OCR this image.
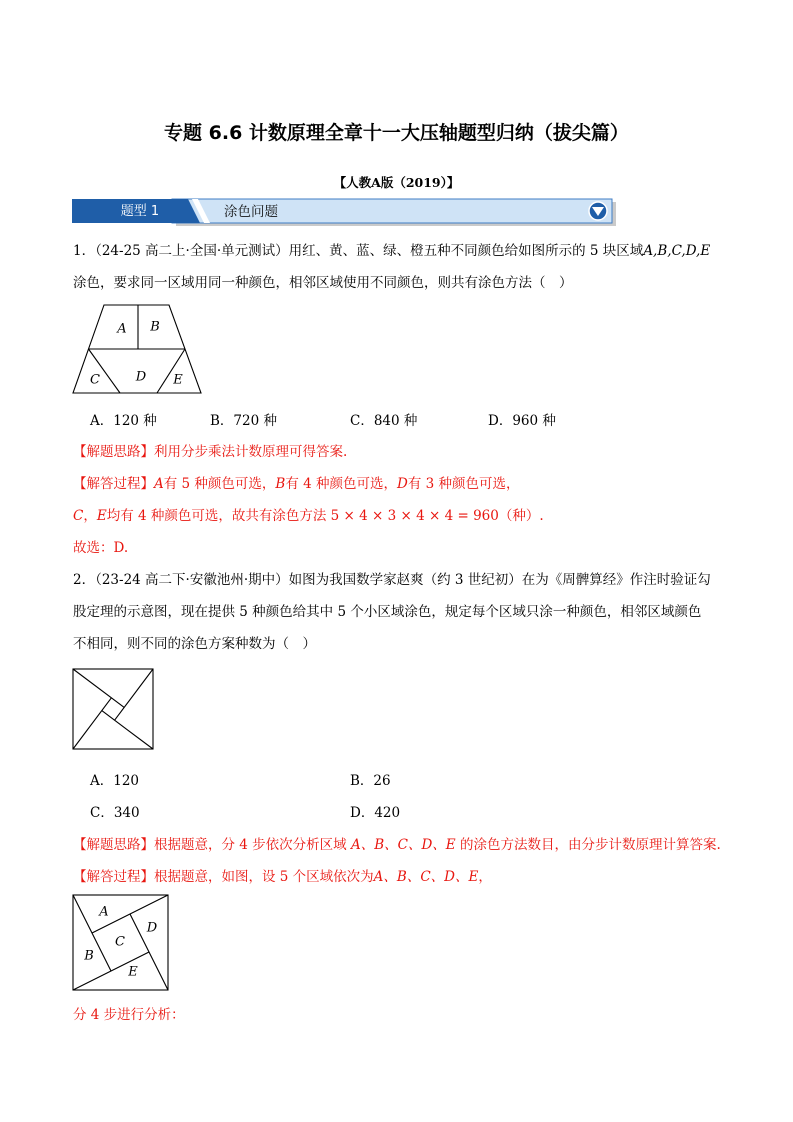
专题 6.6 计数原理全章十一大压轴题型归纳（拔尖篇）
【人教A版（2019）】
题型 1	涂色问题
1．（24-25 高二上·全国·单元测试）用红、黄、蓝、绿、橙五种不同颜色给如图所示的 5 块区域A,B,C,D,E
涂色，要求同一区域用同一种颜色，相邻区域使用不同颜色，则共有涂色方法（　）
A B
C	D E
A．120 种	B．720 种	C．840 种	D．960 种
【解题思路】利用分步乘法计数原理可得答案.
【解答过程】A有 5 种颜色可选，B有 4 种颜色可选，D有 3 种颜色可选，
C，E均有 4 种颜色可选，故共有涂色方法 5 × 4 × 3 × 4 × 4 = 960（种）.
故选：D.
2．（23-24 高二下·安徽池州·期中）如图为我国数学家赵爽（约 3 世纪初）在为《周髀算经》作注时验证勾
股定理的示意图，现在提供 5 种颜色给其中 5 个小区域涂色，规定每个区域只涂一种颜色，相邻区域颜色
不相同，则不同的涂色方案种数为（　）
A．120	B．26
C．340	D．420
【解题思路】根据题意，分 4 步依次分析区域 A、B、C、D、E 的涂色方法数目，由分步计数原理计算答案.
【解答过程】根据题意，如图，设 5 个区域依次为A、B、C、D、E，
A
B
C
D
E
分 4 步进行分析：
